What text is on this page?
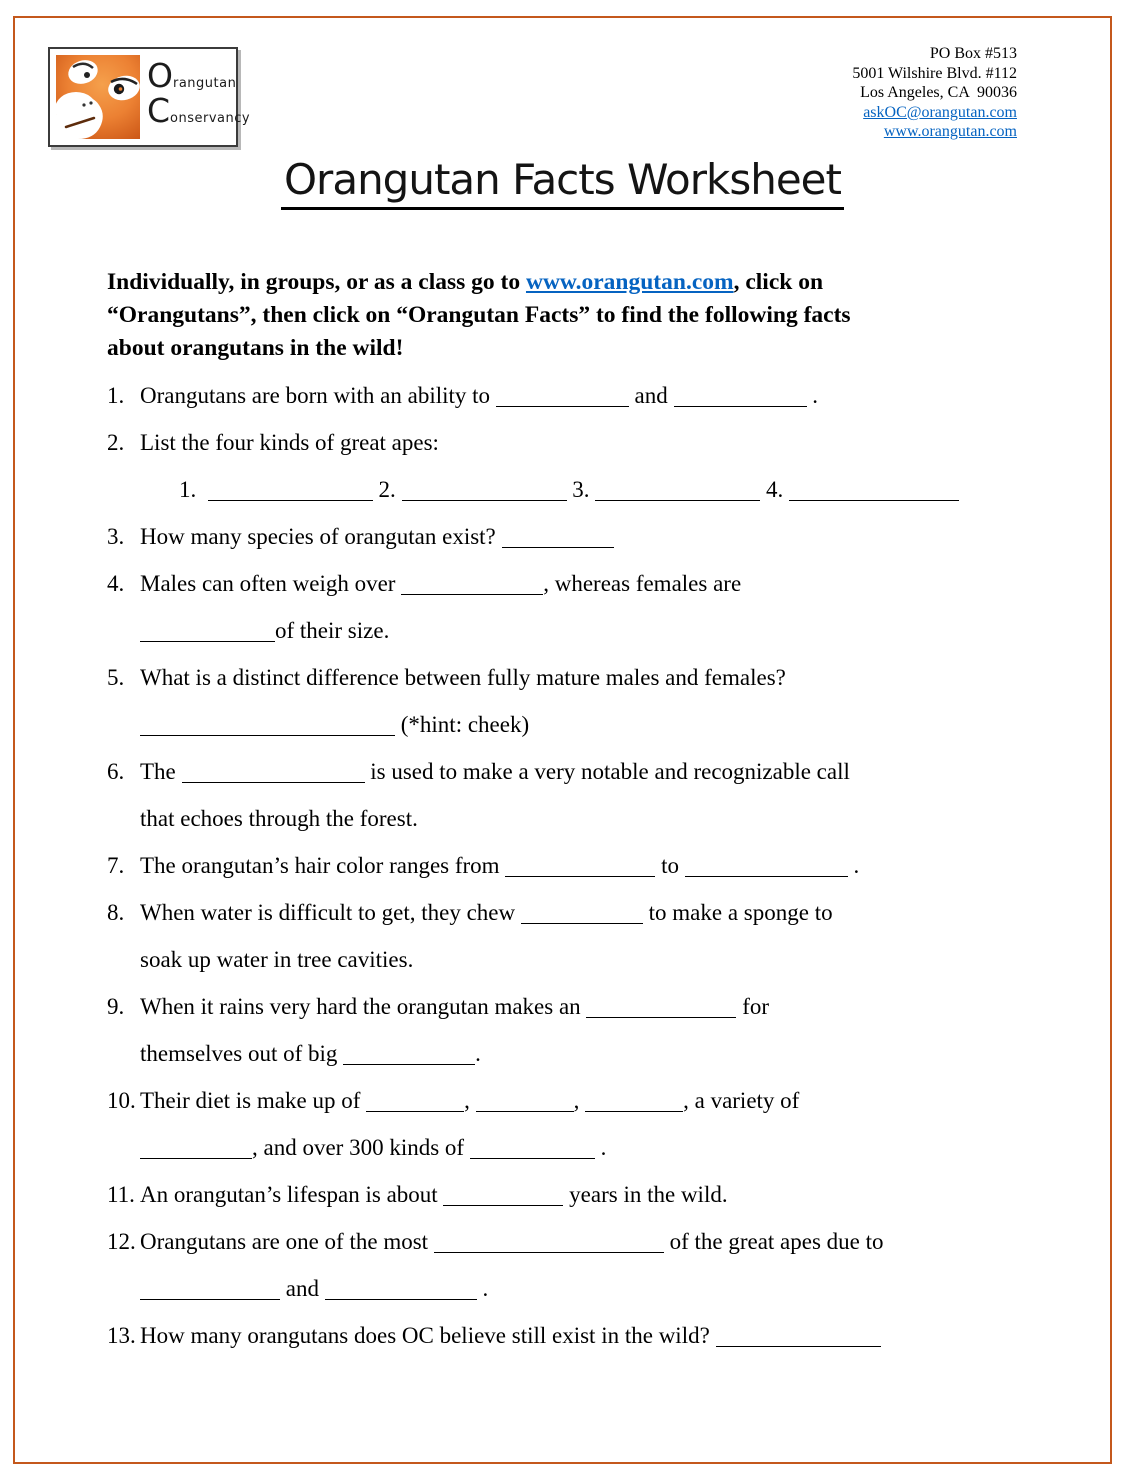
Orangutan
Conservancy
PO Box #513
5001 Wilshire Blvd. #112
Los Angeles, CA  90036
askOC@orangutan.com
www.orangutan.com
Orangutan Facts Worksheet
Individually, in groups, or as a class go to www.orangutan.com, click on
“Orangutans”, then click on “Orangutan Facts” to find the following facts
about orangutans in the wild!
1. Orangutans are born with an ability to	and	.
2. List the four kinds of great apes:
1.	2.	3.	4.
3. How many species of orangutan exist?
4. Males can often weigh over	, whereas females are
of their size.
5. What is a distinct difference between fully mature males and females?
(*hint: cheek)
6. The	is used to make a very notable and recognizable call
that echoes through the forest.
7. The orangutan’s hair color ranges from	to	.
8. When water is difficult to get, they chew	to make a sponge to
soak up water in tree cavities.
9. When it rains very hard the orangutan makes an	for
themselves out of big	.
10. Their diet is make up of	,	,	, a variety of
, and over 300 kinds of	.
11. An orangutan’s lifespan is about	years in the wild.
12. Orangutans are one of the most	of the great apes due to
and	.
13. How many orangutans does OC believe still exist in the wild?
